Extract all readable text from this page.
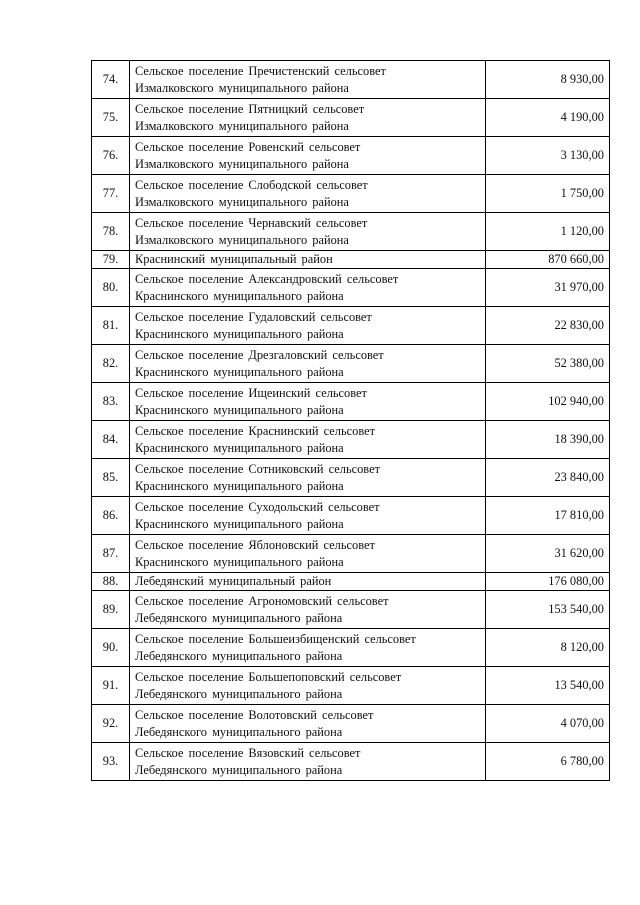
74.	Сельское поселение Пречистенский сельсовет
Измалковского муниципального района	8 930,00
75.	Сельское поселение Пятницкий сельсовет
Измалковского муниципального района	4 190,00
76.	Сельское поселение Ровенский сельсовет
Измалковского муниципального района	3 130,00
77.	Сельское поселение Слободской сельсовет
Измалковского муниципального района	1 750,00
78.	Сельское поселение Чернавский сельсовет
Измалковского муниципального района	1 120,00
79.	Краснинский муниципальный район	870 660,00
80.	Сельское поселение Александровский сельсовет
Краснинского муниципального района	31 970,00
81.	Сельское поселение Гудаловский сельсовет
Краснинского муниципального района	22 830,00
82.	Сельское поселение Дрезгаловский сельсовет
Краснинского муниципального района	52 380,00
83.	Сельское поселение Ищеинский сельсовет
Краснинского муниципального района	102 940,00
84.	Сельское поселение Краснинский сельсовет
Краснинского муниципального района	18 390,00
85.	Сельское поселение Сотниковский сельсовет
Краснинского муниципального района	23 840,00
86.	Сельское поселение Суходольский сельсовет
Краснинского муниципального района	17 810,00
87.	Сельское поселение Яблоновский сельсовет
Краснинского муниципального района	31 620,00
88.	Лебедянский муниципальный район	176 080,00
89.	Сельское поселение Агрономовский сельсовет
Лебедянского муниципального района	153 540,00
90.	Сельское поселение Большеизбищенский сельсовет
Лебедянского муниципального района	8 120,00
91.	Сельское поселение Большепоповский сельсовет
Лебедянского муниципального района	13 540,00
92.	Сельское поселение Волотовский сельсовет
Лебедянского муниципального района	4 070,00
93.	Сельское поселение Вязовский сельсовет
Лебедянского муниципального района	6 780,00
